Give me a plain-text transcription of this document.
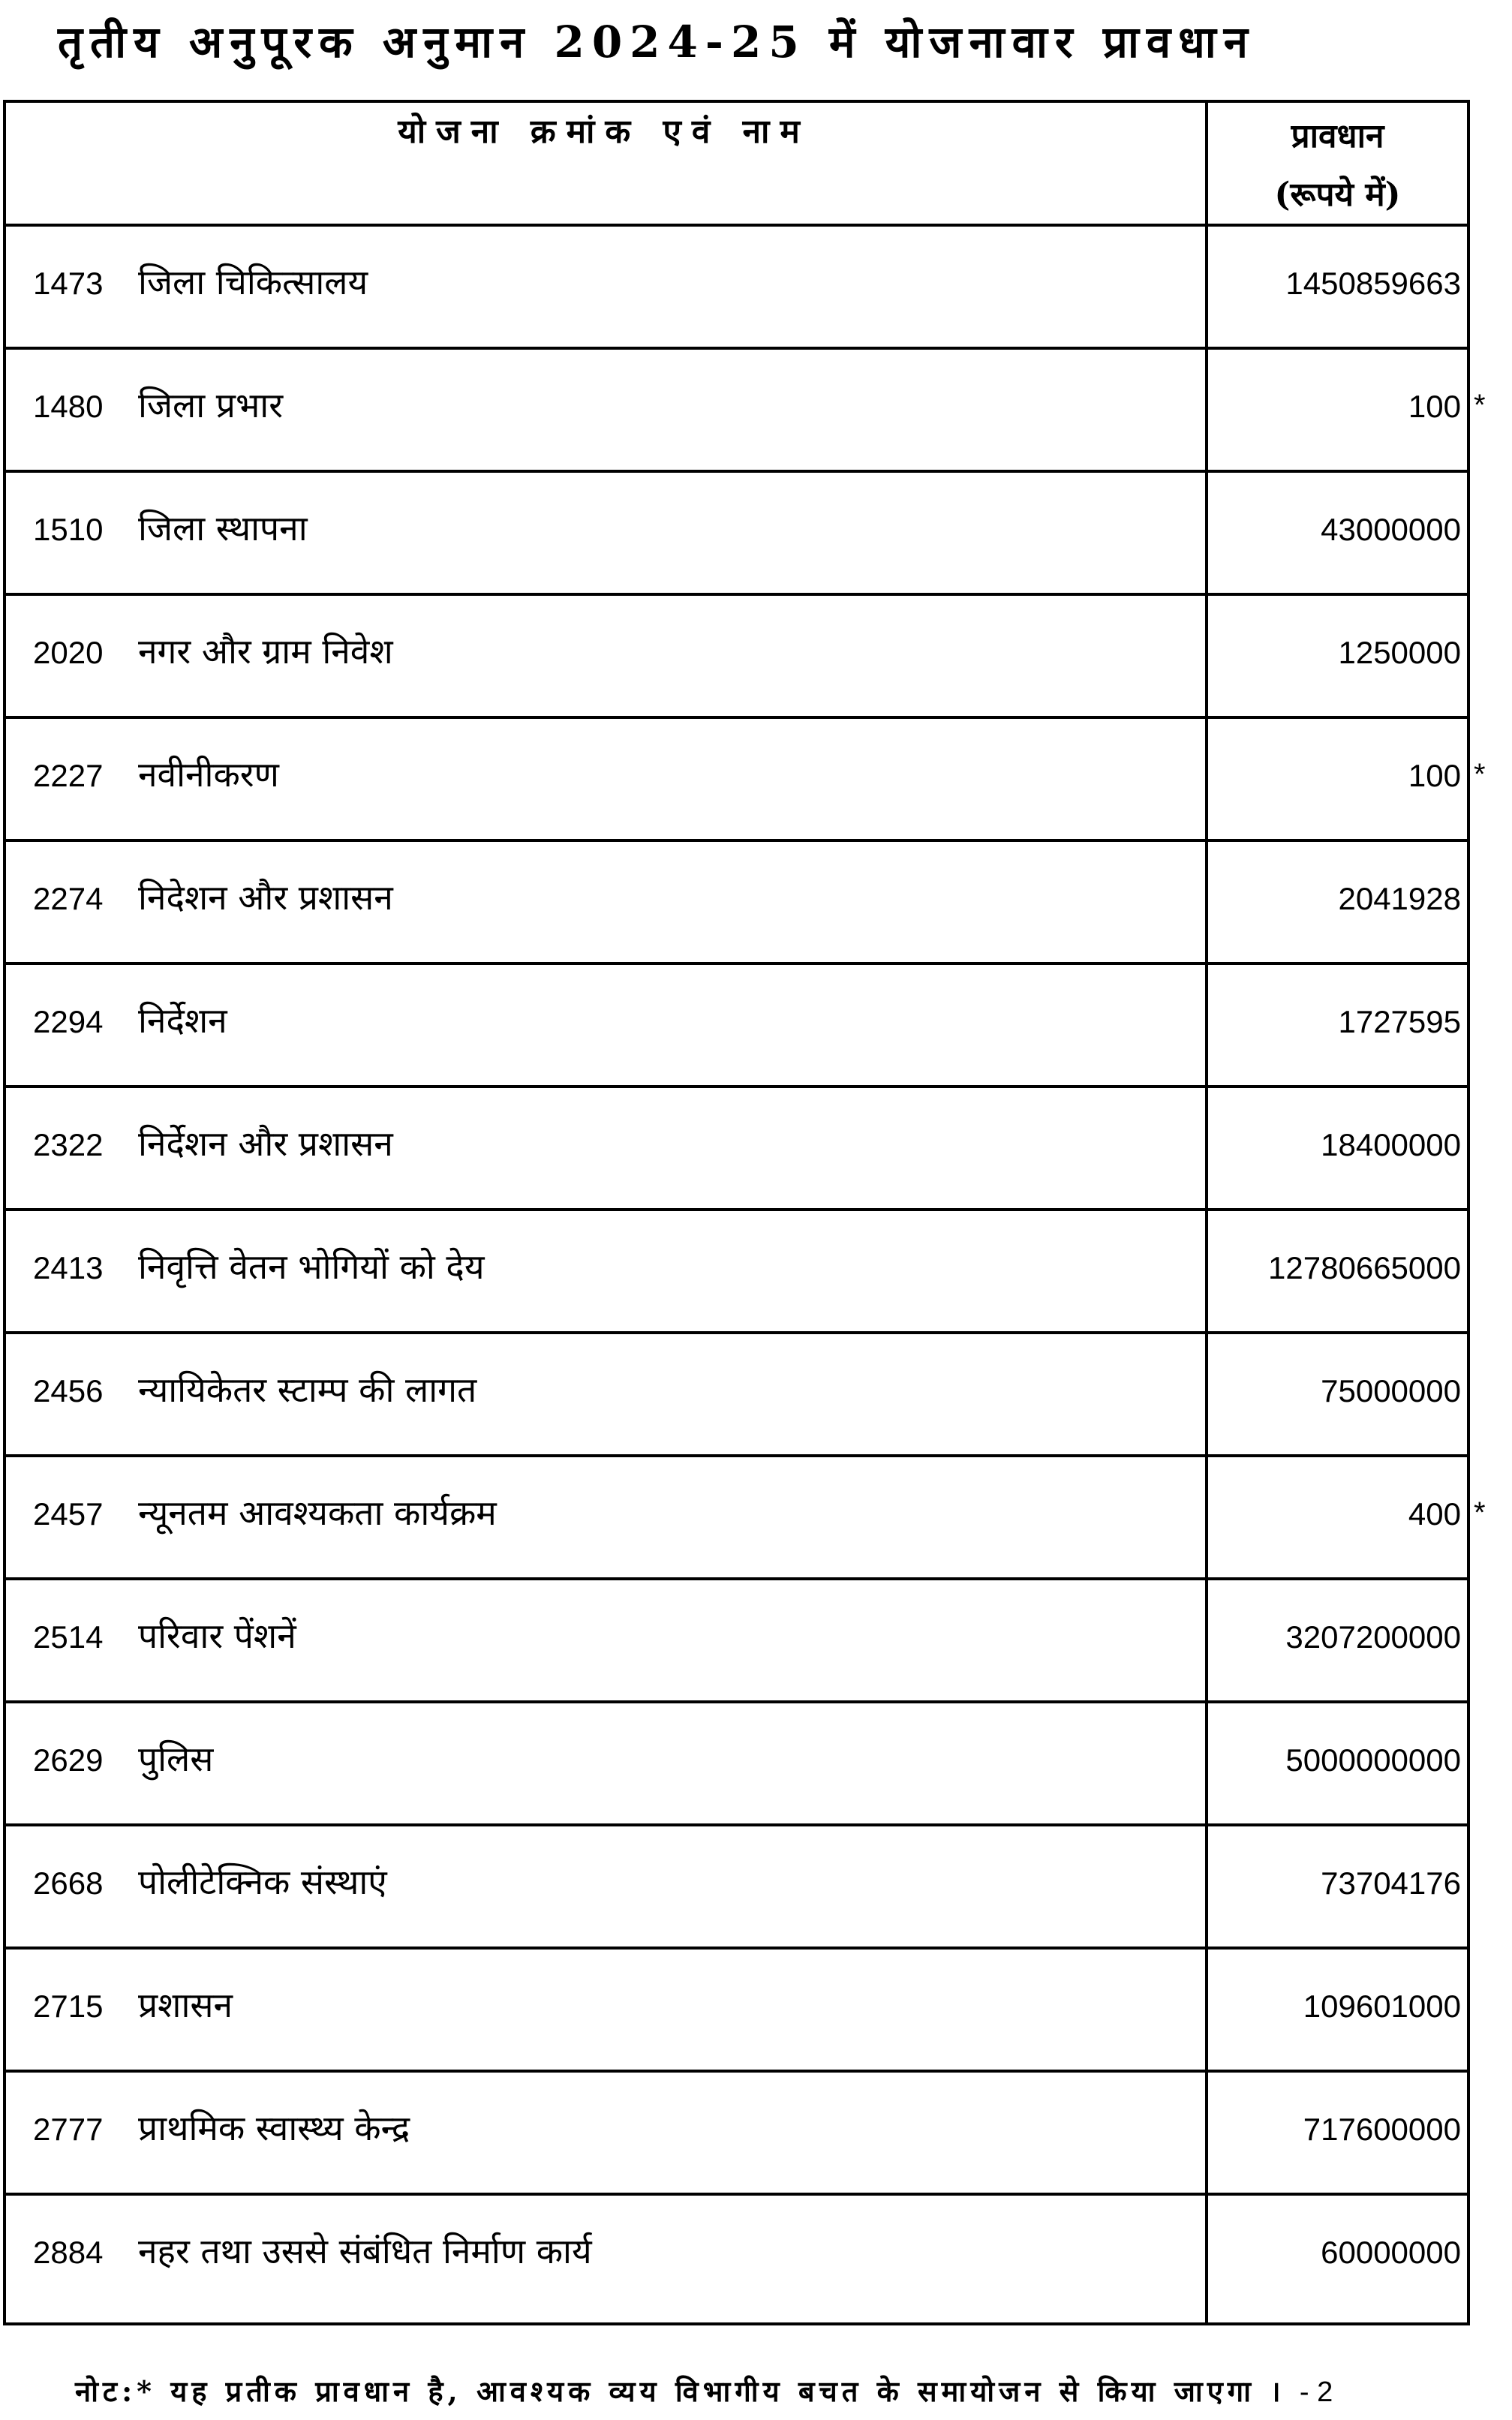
तृतीय अनुपूरक अनुमान 2024-25 में योजनावार प्रावधान
योजना क्रमांक एवं नाम	प्रावधान
(रूपये में)
1473 जिला चिकित्सालय	1450859663
1480 जिला प्रभार	100
1510 जिला स्थापना	43000000
2020 नगर और ग्राम निवेश	1250000
2227 नवीनीकरण	100
2274 निदेशन और प्रशासन	2041928
2294 निर्देशन	1727595
2322 निर्देशन और प्रशासन	18400000
2413 निवृत्ति वेतन भोगियों को देय	12780665000
2456 न्यायिकेतर स्टाम्प की लागत	75000000
2457 न्यूनतम आवश्यकता कार्यक्रम	400
2514 परिवार पेंशनें	3207200000
2629 पुलिस	5000000000
2668 पोलीटेक्निक संस्थाएं	73704176
2715 प्रशासन	109601000
2777 प्राथमिक स्वास्थ्य केन्द्र	717600000
2884 नहर तथा उससे संबंधित निर्माण कार्य	60000000
नोट:* यह प्रतीक प्रावधान है, आवश्यक व्यय विभागीय बचत के समायोजन से किया जाएगा । - 2
*
*
*
